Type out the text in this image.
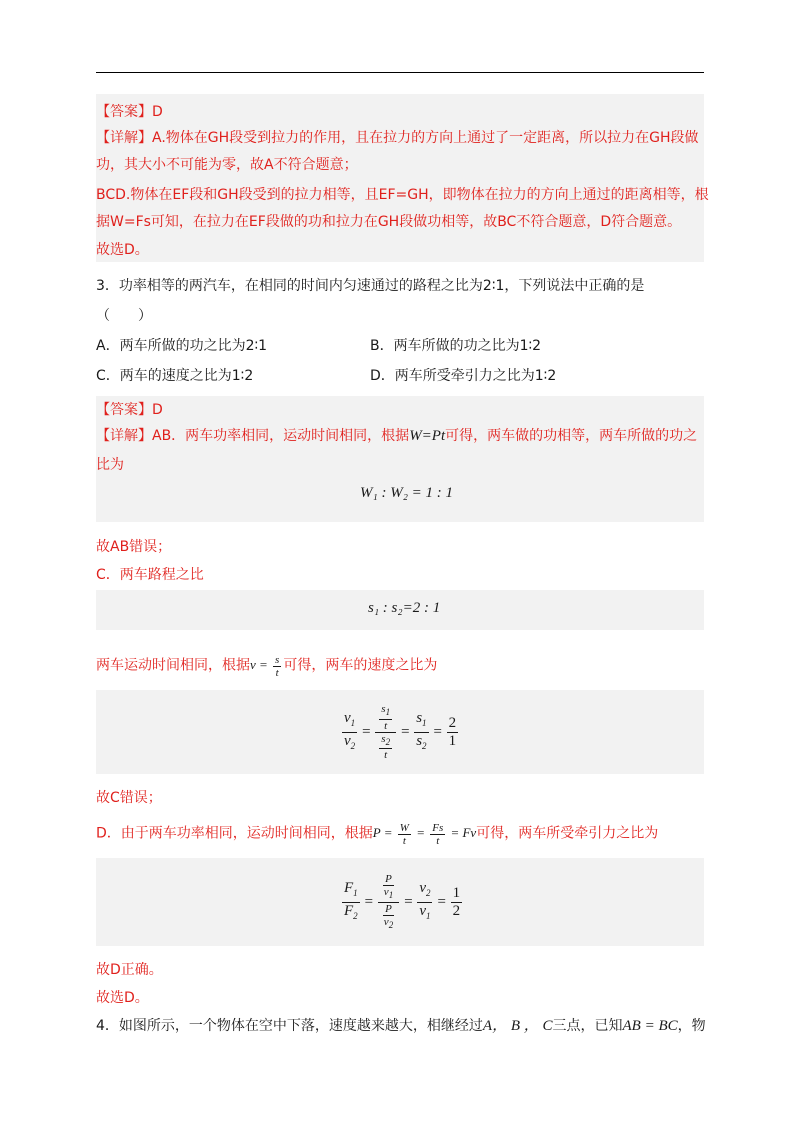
【答案】D
【详解】A.物体在GH段受到拉力的作用，且在拉力的方向上通过了一定距离，所以拉力在GH段做
功，其大小不可能为零，故A不符合题意；
BCD.物体在EF段和GH段受到的拉力相等，且EF=GH，即物体在拉力的方向上通过的距离相等，根
据W=Fs可知，在拉力在EF段做的功和拉力在GH段做功相等，故BC不符合题意，D符合题意。
故选D。
3．功率相等的两汽车，在相同的时间内匀速通过的路程之比为2∶1，下列说法中正确的是
（　　）
A．两车所做的功之比为2∶1	B．两车所做的功之比为1∶2
C．两车的速度之比为1∶2	D．两车所受牵引力之比为1∶2
【答案】D
【详解】AB．两车功率相同，运动时间相同，根据W=Pt可得，两车做的功相等，两车所做的功之
比为
W₁ : W₂ = 1 : 1
故AB错误；
C．两车路程之比
s₁ : s₂=2 : 1
两车运动时间相同，根据$v = \frac{s}{t}$ 可得，两车的速度之比为
$\frac{v_1}{v_2} = \frac{\frac{s_1}{t}}{\frac{s_2}{t}} = \frac{s_1}{s_2} = \frac{2}{1}$
故C错误；
D．由于两车功率相同，运动时间相同，根据$P = \frac{W}{t} = \frac{Fs}{t} = Fv$可得，两车所受牵引力之比为
$\frac{F_1}{F_2} = \frac{\frac{P}{v_1}}{\frac{P}{v_2}} = \frac{v_2}{v_1} = \frac{1}{2}$
故D正确。
故选D。
4．如图所示，一个物体在空中下落，速度越来越大，相继经过A， B ， C三点，已知AB = BC，物
